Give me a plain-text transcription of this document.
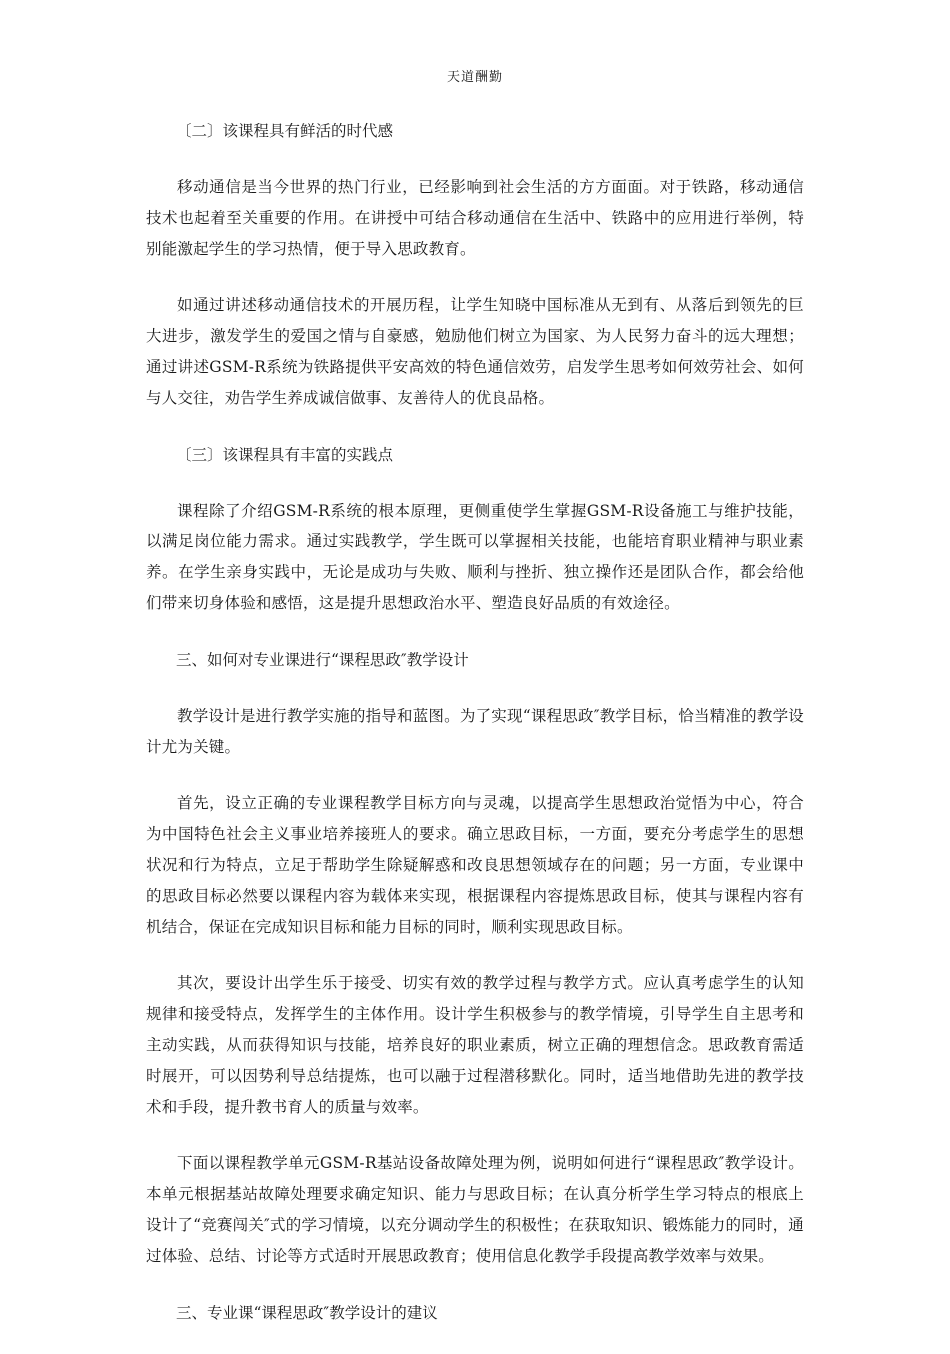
天道酬勤

〔二〕该课程具有鲜活的时代感

移动通信是当今世界的热门行业，已经影响到社会生活的方方面面。对于铁路，移动通信技术也起着至关重要的作用。在讲授中可结合移动通信在生活中、铁路中的应用进行举例，特别能激起学生的学习热情，便于导入思政教育。

如通过讲述移动通信技术的开展历程，让学生知晓中国标准从无到有、从落后到领先的巨大进步，激发学生的爱国之情与自豪感，勉励他们树立为国家、为人民努力奋斗的远大理想；通过讲述GSM-R系统为铁路提供平安高效的特色通信效劳，启发学生思考如何效劳社会、如何与人交往，劝告学生养成诚信做事、友善待人的优良品格。

〔三〕该课程具有丰富的实践点

课程除了介绍GSM-R系统的根本原理，更侧重使学生掌握GSM-R设备施工与维护技能，以满足岗位能力需求。通过实践教学，学生既可以掌握相关技能，也能培育职业精神与职业素养。在学生亲身实践中，无论是成功与失败、顺利与挫折、独立操作还是团队合作，都会给他们带来切身体验和感悟，这是提升思想政治水平、塑造良好品质的有效途径。

三、如何对专业课进行“课程思政″教学设计

教学设计是进行教学实施的指导和蓝图。为了实现“课程思政″教学目标，恰当精准的教学设计尤为关键。

首先，设立正确的专业课程教学目标方向与灵魂，以提高学生思想政治觉悟为中心，符合为中国特色社会主义事业培养接班人的要求。确立思政目标，一方面，要充分考虑学生的思想状况和行为特点，立足于帮助学生除疑解惑和改良思想领域存在的问题；另一方面，专业课中的思政目标必然要以课程内容为载体来实现，根据课程内容提炼思政目标，使其与课程内容有机结合，保证在完成知识目标和能力目标的同时，顺利实现思政目标。

其次，要设计出学生乐于接受、切实有效的教学过程与教学方式。应认真考虑学生的认知规律和接受特点，发挥学生的主体作用。设计学生积极参与的教学情境，引导学生自主思考和主动实践，从而获得知识与技能，培养良好的职业素质，树立正确的理想信念。思政教育需适时展开，可以因势利导总结提炼，也可以融于过程潜移默化。同时，适当地借助先进的教学技术和手段，提升教书育人的质量与效率。

下面以课程教学单元GSM-R基站设备故障处理为例，说明如何进行“课程思政″教学设计。本单元根据基站故障处理要求确定知识、能力与思政目标；在认真分析学生学习特点的根底上设计了“竞赛闯关″式的学习情境，以充分调动学生的积极性；在获取知识、锻炼能力的同时，通过体验、总结、讨论等方式适时开展思政教育；使用信息化教学手段提高教学效率与效果。

三、专业课“课程思政″教学设计的建议
